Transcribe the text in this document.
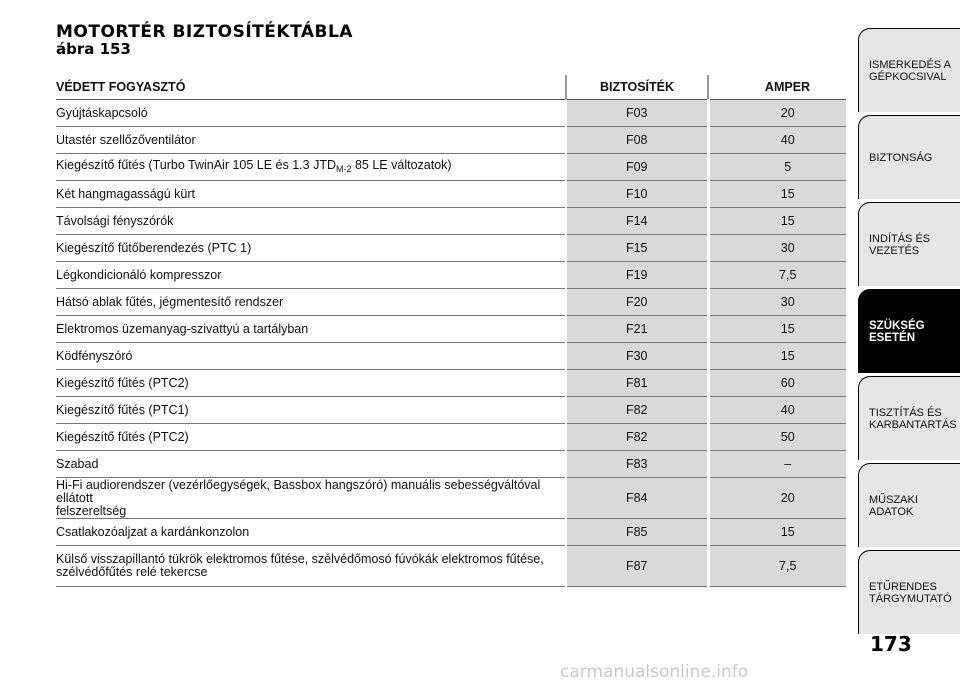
MOTORTÉR BIZTOSÍTÉKTÁBLA
ábra 153
VÉDETT FOGYASZTÓ	BIZTOSÍTÉK	AMPER
Gyújtáskapcsoló	F03	20
Utastér szellőzőventilátor	F08	40
Kiegészítő fűtés (Turbo TwinAir 105 LE és 1.3 $JTD_{M-2}$ 85 LE változatok)	F09	5
Két hangmagasságú kürt	F10	15
Távolsági fényszórók	F14	15
Kiegészítő fűtőberendezés (PTC 1)	F15	30
Légkondicionáló kompresszor	F19	7,5
Hátsó ablak fűtés, jégmentesítő rendszer	F20	30
Elektromos üzemanyag-szivattyú a tartályban	F21	15
Ködfényszóró	F30	15
Kiegészítő fűtés (PTC2)	F81	60
Kiegészítő fűtés (PTC1)	F82	40
Kiegészítő fűtés (PTC2)	F82	50
Szabad	F83	–
Hi-Fi audiorendszer (vezérlőegységek, Bassbox hangszóró) manuális sebességváltóval ellátott
felszereltség	F84	20
Csatlakozóaljzat a kardánkonzolon	F85	15
Külső visszapillantó tükrök elektromos fűtése, szélvédőmosó fúvókák elektromos fűtése,
szélvédőfűtés relé tekercse	F87	7,5
ISMERKEDÉS A
GÉPKOCSIVAL
BIZTONSÁG
INDÍTÁS ÉS VEZETÉS
SZÜKSÉG ESETÉN
TISZTÍTÁS ÉS
KARBANTARTÁS
MŰSZAKI ADATOK
ETŰRENDES
TÁRGYMUTATÓ
173
carmanualsonline.info
